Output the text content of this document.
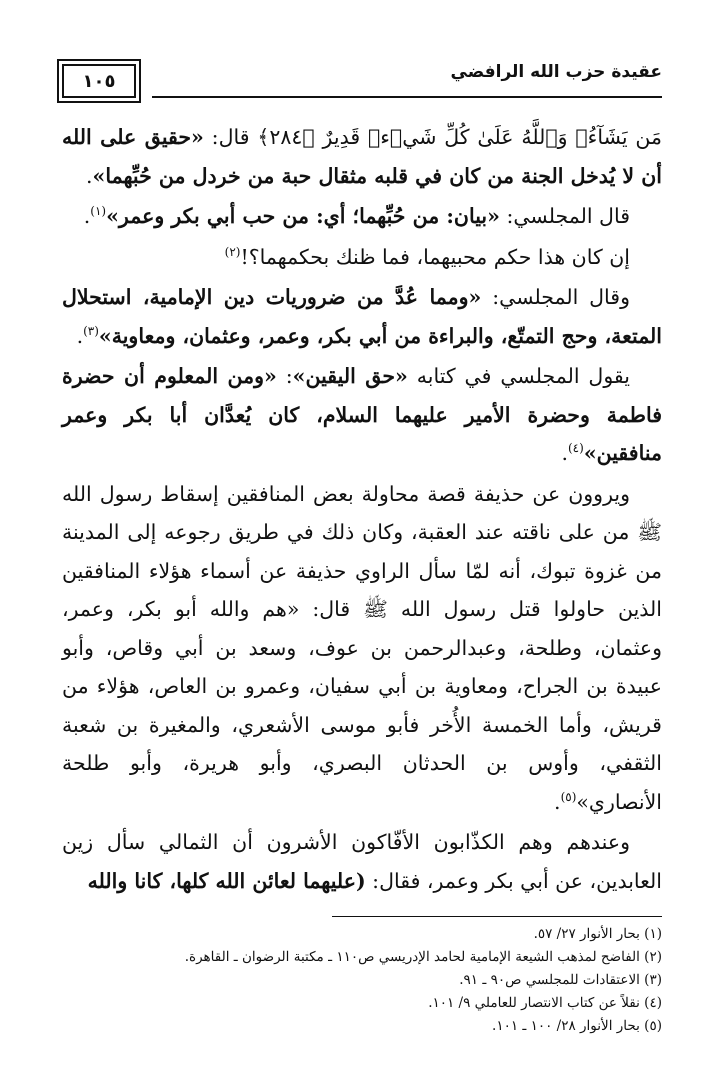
عقيدة حزب الله الرافضي
١٠٥

مَن يَشَآءُۚ وَٱللَّهُ عَلَىٰ كُلِّ شَيۡءٖ قَدِيرٌ ﴿٢٨٤﴾ قال: «حقيق على الله أن لا يُدخل الجنة من كان في قلبه مثقال حبة من خردل من حُبِّهما».

قال المجلسي: «بيان: من حُبِّهما؛ أي: من حب أبي بكر وعمر»$^{(١)}$.

إن كان هذا حكم محبيهما، فما ظنك بحكمهما؟!$^{(٢)}$

وقال المجلسي: «ومما عُدَّ من ضروريات دين الإمامية، استحلال المتعة، وحج التمتّع، والبراءة من أبي بكر، وعمر، وعثمان، ومعاوية»$^{(٣)}$.

يقول المجلسي في كتابه «حق اليقين»: «ومن المعلوم أن حضرة فاطمة وحضرة الأمير عليهما السلام، كان يُعدَّان أبا بكر وعمر منافقين»$^{(٤)}$.

ويروون عن حذيفة قصة محاولة بعض المنافقين إسقاط رسول الله ﷺ من على ناقته عند العقبة، وكان ذلك في طريق رجوعه إلى المدينة من غزوة تبوك، أنه لمّا سأل الراوي حذيفة عن أسماء هؤلاء المنافقين الذين حاولوا قتل رسول الله ﷺ قال: «هم والله أبو بكر، وعمر، وعثمان، وطلحة، وعبدالرحمن بن عوف، وسعد بن أبي وقاص، وأبو عبيدة بن الجراح، ومعاوية بن أبي سفيان، وعمرو بن العاص، هؤلاء من قريش، وأما الخمسة الأُخر فأبو موسى الأشعري، والمغيرة بن شعبة الثقفي، وأوس بن الحدثان البصري، وأبو هريرة، وأبو طلحة الأنصاري»$^{(٥)}$.

وعندهم وهم الكذّابون الأفّاكون الأشرون أن الثمالي سأل زين العابدين، عن أبي بكر وعمر، فقال: (عليهما لعائن الله كلها، كانا والله

(١) بحار الأنوار ٢٧/ ٥٧.

(٢) الفاضح لمذهب الشيعة الإمامية لحامد الإدريسي ص١١٠ ـ مكتبة الرضوان ـ القاهرة.

(٣) الاعتقادات للمجلسي ص٩٠ ـ ٩١.

(٤) نقلاً عن كتاب الانتصار للعاملي ٩/ ١٠١.

(٥) بحار الأنوار ٢٨/ ١٠٠ ـ ١٠١.
